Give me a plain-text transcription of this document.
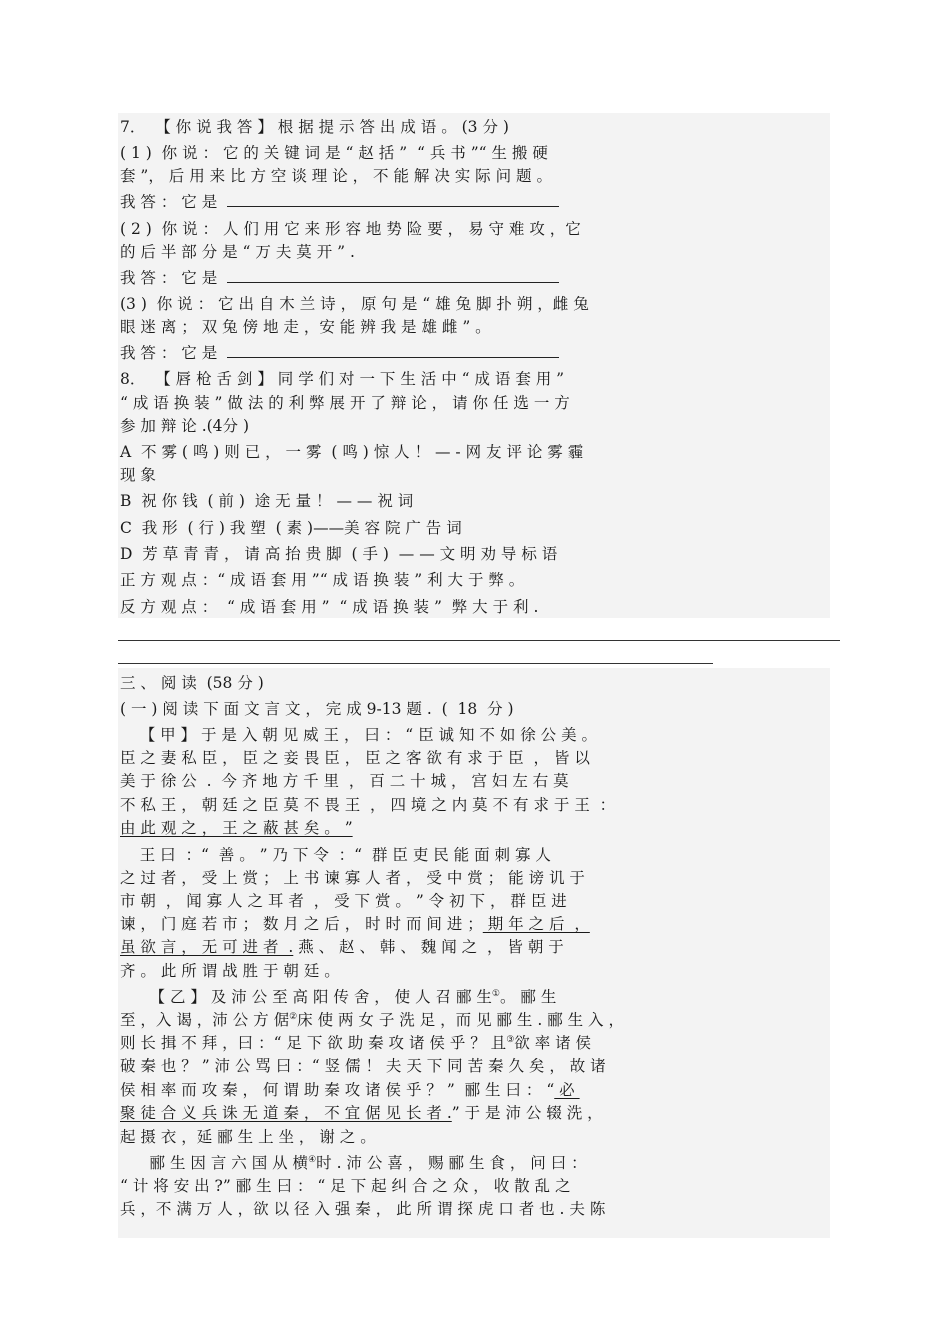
7．  【 你 说 我 答 】 根 据 提 示 答 出 成 语 。 (3 分 )
( 1 )  你 说 ： 它 的 关 键 词 是 “ 赵 括 ”  “ 兵 书 ”“ 生 搬 硬
套 ”， 后 用 来 比 方 空 谈 理 论 ， 不 能 解 决 实 际 问 题 。
我 答 ： 它 是
( 2 )  你 说 ： 人 们 用 它 来 形 容 地 势 险 要 ， 易 守 难 攻 ，它
的 后 半 部 分 是 “ 万 夫 莫 开 ” .
我 答 ： 它 是
(3 )  你 说 ： 它 出 自 木 兰 诗 ， 原 句 是 “ 雄 兔 脚 扑 朔 ，雌 兔
眼 迷 离 ； 双 兔 傍 地 走 ，安 能 辨 我 是 雄 雌 ” 。
我 答 ： 它 是
8．  【 唇 枪 舌 剑 】 同 学 们 对 一 下 生 活 中 “ 成 语 套 用 ”
“ 成 语 换 装 ” 做 法 的 利 弊 展 开 了 辩 论 ， 请 你 任 选 一 方
参 加 辩 论 .(4分 )
A  不 雾 ( 鸣 ) 则 已 ， 一 雾  ( 鸣 ) 惊 人 ！ — - 网 友 评 论 雾 霾
现 象
B  祝 你 钱  ( 前 )  途 无 量 ！ — — 祝 词
C  我 形  ( 行 ) 我 塑  ( 素 )——美 容 院 广 告 词
D  芳 草 青 青 ， 请 高 抬 贵 脚  ( 手 )  — — 文 明 劝 导 标 语
正 方 观 点 ：“ 成 语 套 用 ”“ 成 语 换 装 ” 利 大 于 弊 。
反 方 观 点 ：  “ 成 语 套 用 ”  “ 成 语 换 装 ”  弊 大 于 利 .
三 、 阅 读  (58 分 )
( 一 ) 阅 读 下 面 文 言 文 ， 完 成 9-13 题 .  (  18  分 )
【 甲 】 于 是 入 朝 见 威 王 ， 曰 ： “ 臣 诚 知 不 如 徐 公 美 。
臣 之 妻 私 臣 ， 臣 之 妾 畏 臣 ， 臣 之 客 欲 有 求 于 臣  ， 皆 以
美 于 徐 公  .  今 齐 地 方 千 里  ， 百 二 十 城 ， 宫 妇 左 右 莫
不 私 王 ， 朝 廷 之 臣 莫 不 畏 王  ， 四 境 之 内 莫 不 有 求 于 王  ：
由 此 观 之 ， 王 之 蔽 甚 矣 。 ”
王 曰  ：“  善 。 ” 乃 下 令  ：“  群 臣 吏 民 能 面 刺 寡 人
之 过 者 ， 受 上 赏 ； 上 书 谏 寡 人 者 ， 受 中 赏 ； 能 谤 讥 于
市 朝  ， 闻 寡 人 之 耳 者  ， 受 下 赏 。 ” 令 初 下 ， 群 臣 进
谏 ， 门 庭 若 市 ； 数 月 之 后 ， 时 时 而 间 进 ； 期 年 之 后  ，
虽 欲 言 ， 无 可 进 者  . 燕 、 赵 、 韩 、 魏 闻 之  ， 皆 朝 于
齐 。 此 所 谓 战 胜 于 朝 廷 。
【 乙 】 及 沛 公 至 高 阳 传 舍 ， 使 人 召 郦 生①。 郦 生
至 ，入 谒 ，沛 公 方 倨②床 使 两 女 子 洗 足 ，而 见 郦 生 . 郦 生 入 ，
则 长 揖 不 拜 ，曰 ：“ 足 下 欲 助 秦 攻 诸 侯 乎 ？ 且③欲 率 诸 侯
破 秦 也 ？ ” 沛 公 骂 曰 ：“ 竖 儒 ！ 夫 天 下 同 苦 秦 久 矣 ， 故 诸
侯 相 率 而 攻 秦 ， 何 谓 助 秦 攻 诸 侯 乎 ？ ”  郦 生 曰 ： “ 必
聚 徒 合 义 兵 诛 无 道 秦 ， 不 宜 倨 见 长 者 .” 于 是 沛 公 辍 洗 ，
起 摄 衣 ，延 郦 生 上 坐 ， 谢 之 。
郦 生 因 言 六 国 从 横④时 . 沛 公 喜 ， 赐 郦 生 食 ， 问 曰 ：
“ 计 将 安 出 ?” 郦 生 曰 ： “ 足 下 起 纠 合 之 众 ， 收 散 乱 之
兵 ，不 满 万 人 ，欲 以 径 入 强 秦 ， 此 所 谓 探 虎 口 者 也 . 夫 陈
